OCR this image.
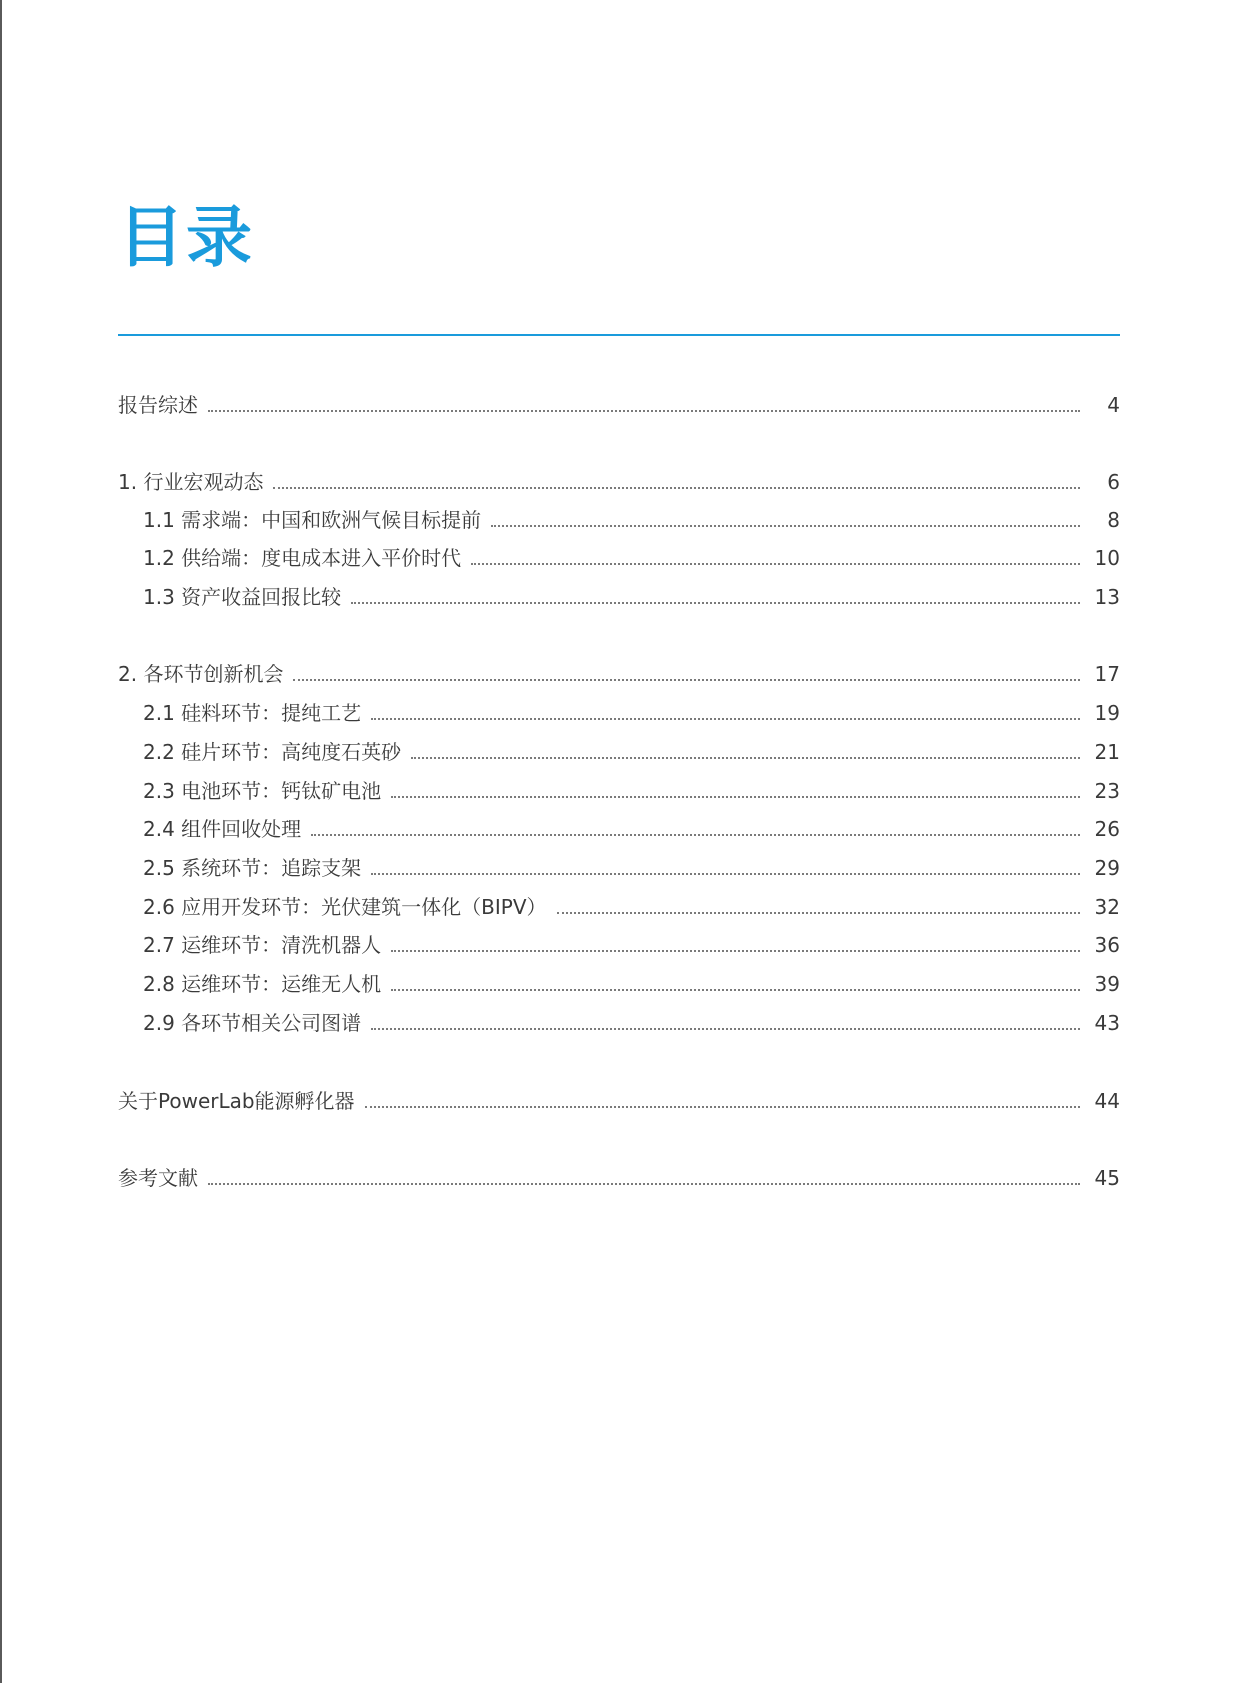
目录
报告综述	4
1. 行业宏观动态	6
1.1 需求端：中国和欧洲气候目标提前	8
1.2 供给端：度电成本进入平价时代	10
1.3 资产收益回报比较	13
2. 各环节创新机会	17
2.1 硅料环节：提纯工艺	19
2.2 硅片环节：高纯度石英砂	21
2.3 电池环节：钙钛矿电池	23
2.4 组件回收处理	26
2.5 系统环节：追踪支架	29
2.6 应用开发环节：光伏建筑一体化（BIPV）	32
2.7 运维环节：清洗机器人	36
2.8 运维环节：运维无人机	39
2.9 各环节相关公司图谱	43
关于PowerLab能源孵化器	44
参考文献	45
